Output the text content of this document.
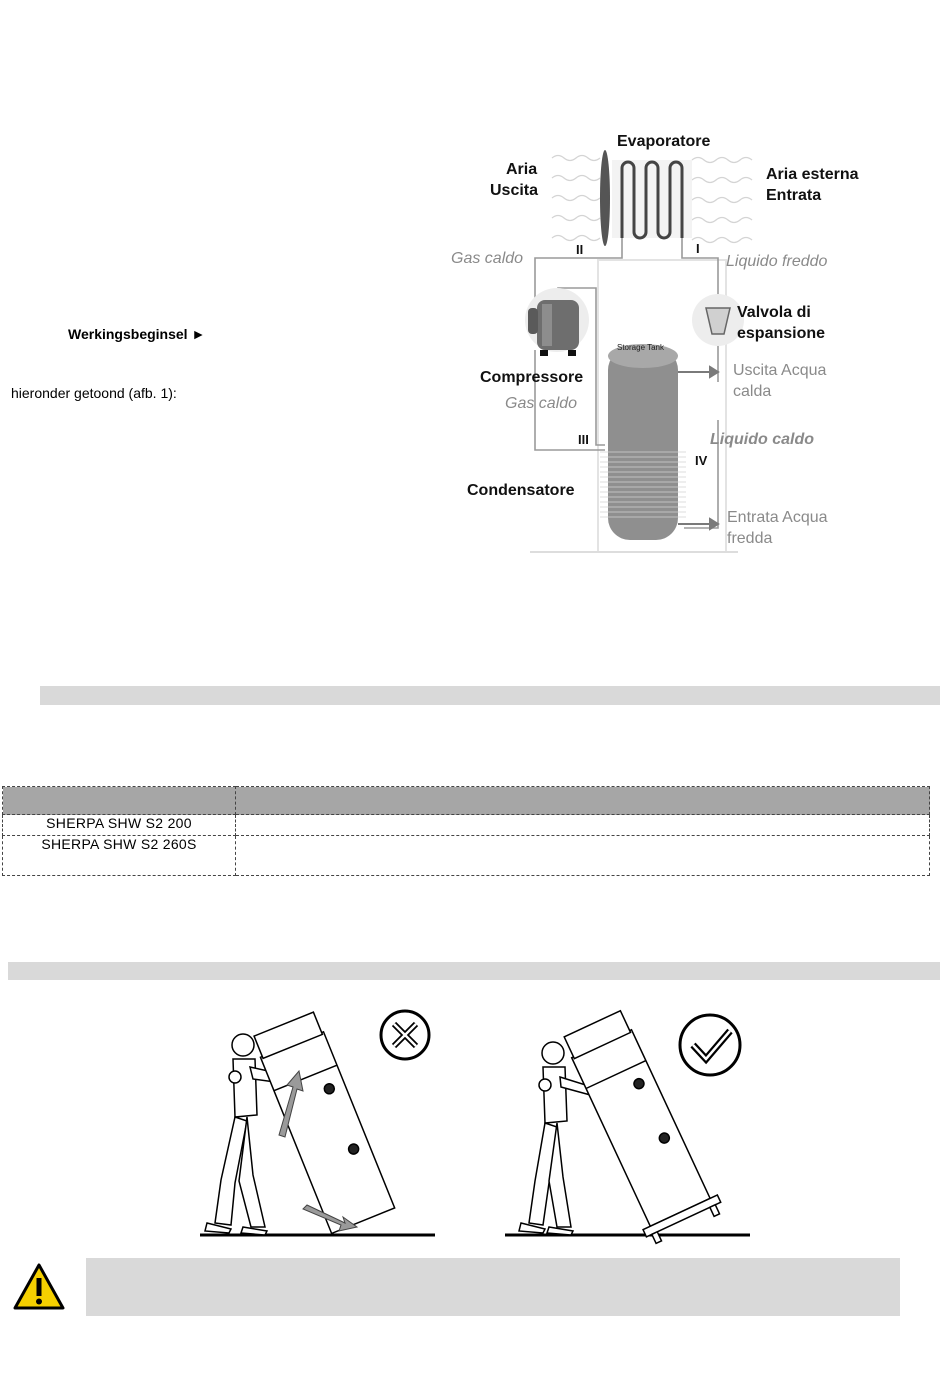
Werkingsbeginsel ►
hieronder getoond (afb. 1):
Evaporatore
Aria
Uscita
Aria esterna
Entrata
Gas caldo	Liquido freddo
Valvola di
espansione
Uscita Acqua
calda
Compressore
Gas caldo
Liquido caldo
Condensatore
Entrata Acqua
fredda
Storage Tank
I
II
III
IV

SHERPA SHW S2 200	
SHERPA SHW S2 260S	
